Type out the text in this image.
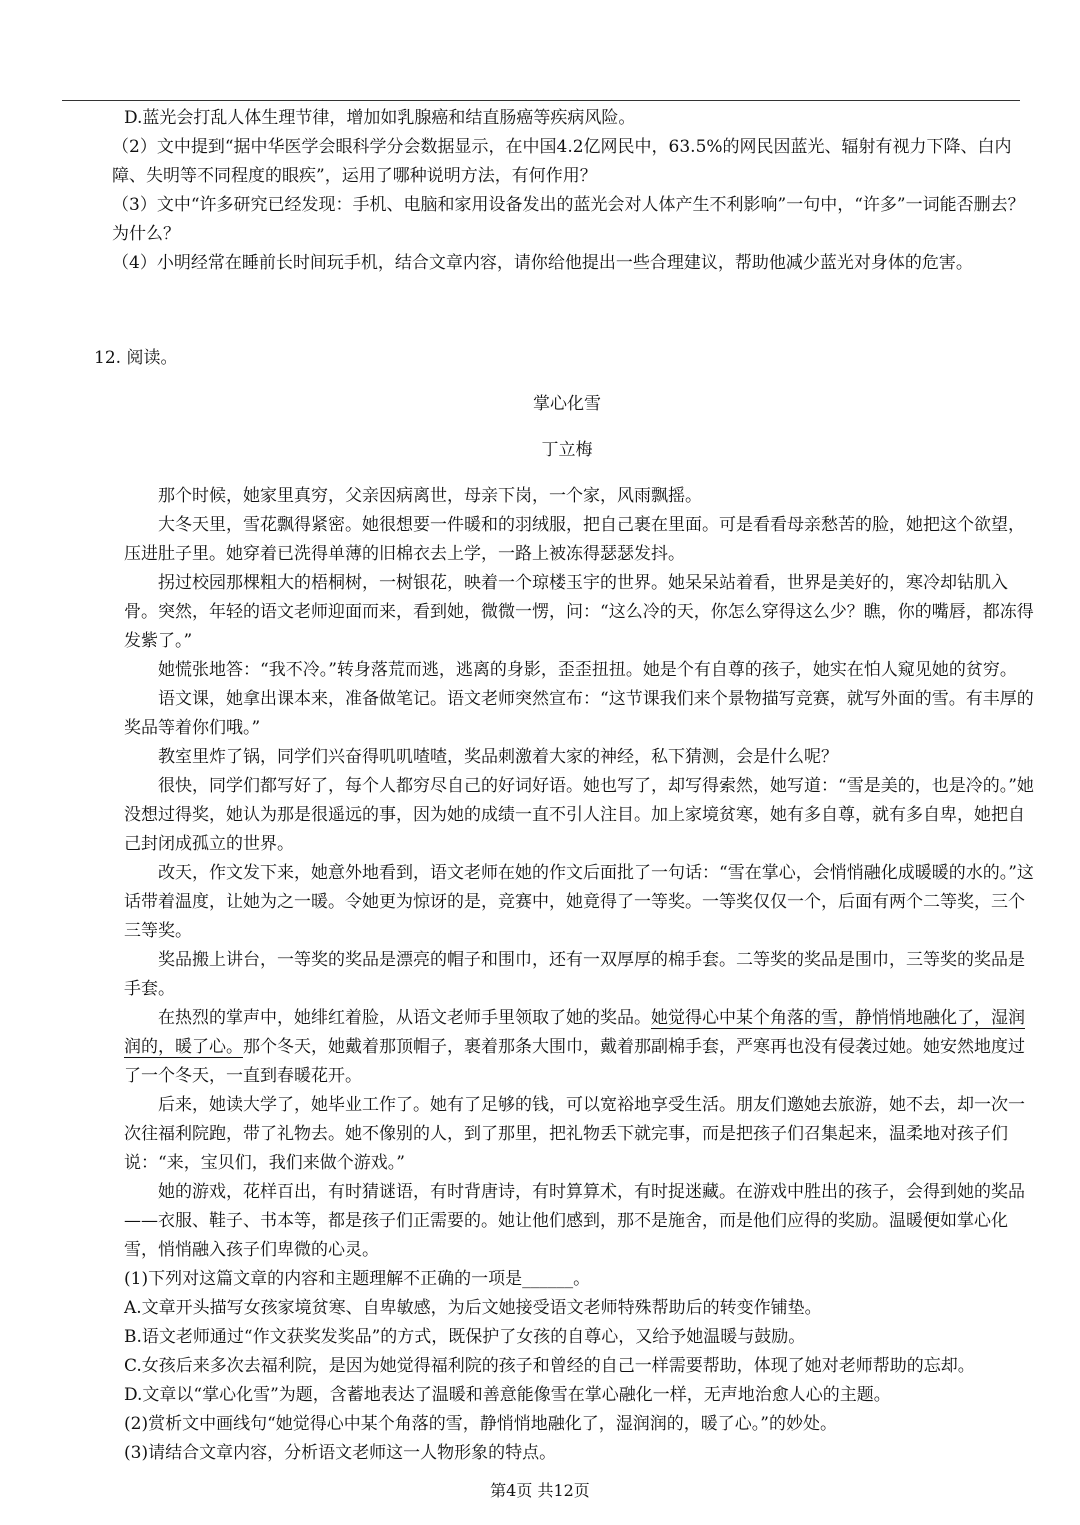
D.蓝光会打乱人体生理节律，增加如乳腺癌和结直肠癌等疾病风险。

（2）文中提到“据中华医学会眼科学分会数据显示，在中国4.2亿网民中，63.5%的网民因蓝光、辐射有视力下降、白内障、失明等不同程度的眼疾”，运用了哪种说明方法，有何作用？

（3）文中“许多研究已经发现：手机、电脑和家用设备发出的蓝光会对人体产生不利影响”一句中，“许多”一词能否删去？为什么？

（4）小明经常在睡前长时间玩手机，结合文章内容，请你给他提出一些合理建议，帮助他减少蓝光对身体的危害。

12. 阅读。

掌心化雪

丁立梅

那个时候，她家里真穷，父亲因病离世，母亲下岗，一个家，风雨飘摇。

大冬天里，雪花飘得紧密。她很想要一件暖和的羽绒服，把自己裹在里面。可是看看母亲愁苦的脸，她把这个欲望，压进肚子里。她穿着已洗得单薄的旧棉衣去上学，一路上被冻得瑟瑟发抖。

拐过校园那棵粗大的梧桐树，一树银花，映着一个琼楼玉宇的世界。她呆呆站着看，世界是美好的，寒冷却钻肌入骨。突然，年轻的语文老师迎面而来，看到她，微微一愣，问：“这么冷的天，你怎么穿得这么少？瞧，你的嘴唇，都冻得发紫了。”

她慌张地答：“我不冷。”转身落荒而逃，逃离的身影，歪歪扭扭。她是个有自尊的孩子，她实在怕人窥见她的贫穷。

语文课，她拿出课本来，准备做笔记。语文老师突然宣布：“这节课我们来个景物描写竞赛，就写外面的雪。有丰厚的奖品等着你们哦。”

教室里炸了锅，同学们兴奋得叽叽喳喳，奖品刺激着大家的神经，私下猜测，会是什么呢？

很快，同学们都写好了，每个人都穷尽自己的好词好语。她也写了，却写得索然，她写道：“雪是美的，也是冷的。”她没想过得奖，她认为那是很遥远的事，因为她的成绩一直不引人注目。加上家境贫寒，她有多自尊，就有多自卑，她把自己封闭成孤立的世界。

改天，作文发下来，她意外地看到，语文老师在她的作文后面批了一句话：“雪在掌心，会悄悄融化成暖暖的水的。”这话带着温度，让她为之一暖。令她更为惊讶的是，竞赛中，她竟得了一等奖。一等奖仅仅一个，后面有两个二等奖，三个三等奖。

奖品搬上讲台，一等奖的奖品是漂亮的帽子和围巾，还有一双厚厚的棉手套。二等奖的奖品是围巾，三等奖的奖品是手套。

在热烈的掌声中，她绯红着脸，从语文老师手里领取了她的奖品。她觉得心中某个角落的雪，静悄悄地融化了，湿润润的，暖了心。那个冬天，她戴着那顶帽子，裹着那条大围巾，戴着那副棉手套，严寒再也没有侵袭过她。她安然地度过了一个冬天，一直到春暖花开。

后来，她读大学了，她毕业工作了。她有了足够的钱，可以宽裕地享受生活。朋友们邀她去旅游，她不去，却一次一次往福利院跑，带了礼物去。她不像别的人，到了那里，把礼物丢下就完事，而是把孩子们召集起来，温柔地对孩子们说：“来，宝贝们，我们来做个游戏。”

她的游戏，花样百出，有时猜谜语，有时背唐诗，有时算算术，有时捉迷藏。在游戏中胜出的孩子，会得到她的奖品——衣服、鞋子、书本等，都是孩子们正需要的。她让他们感到，那不是施舍，而是他们应得的奖励。温暖便如掌心化雪，悄悄融入孩子们卑微的心灵。

(1)下列对这篇文章的内容和主题理解不正确的一项是______。

A.文章开头描写女孩家境贫寒、自卑敏感，为后文她接受语文老师特殊帮助后的转变作铺垫。

B.语文老师通过“作文获奖发奖品”的方式，既保护了女孩的自尊心，又给予她温暖与鼓励。

C.女孩后来多次去福利院，是因为她觉得福利院的孩子和曾经的自己一样需要帮助，体现了她对老师帮助的忘却。

D.文章以“掌心化雪”为题，含蓄地表达了温暖和善意能像雪在掌心融化一样，无声地治愈人心的主题。

(2)赏析文中画线句“她觉得心中某个角落的雪，静悄悄地融化了，湿润润的，暖了心。”的妙处。

(3)请结合文章内容，分析语文老师这一人物形象的特点。

第4页 共12页
